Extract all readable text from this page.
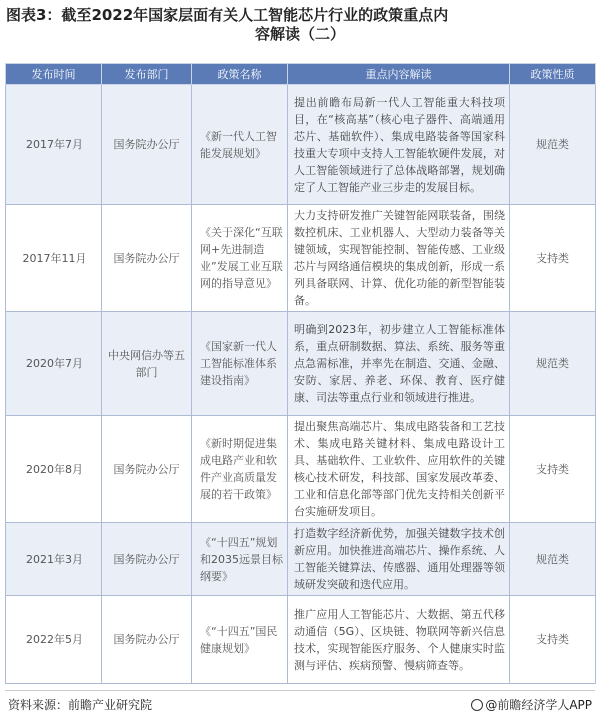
图表3：截至2022年国家层面有关人工智能芯片行业的政策重点内
容解读（二）
发布时间	发布部门	政策名称	重点内容解读	政策性质
2017年7月	国务院办公厅	《新一代人工智能发展规划》	提出前瞻布局新一代人工智能重大科技项目，在“核高基”（核心电子器件、高端通用芯片、基础软件）、集成电路装备等国家科技重大专项中支持人工智能软硬件发展，对人工智能领域进行了总体战略部署，规划确定了人工智能产业三步走的发展目标。	规范类
2017年11月	国务院办公厅	《关于深化“互联网+先进制造业”发展工业互联网的指导意见》	大力支持研发推广关键智能网联装备，围绕数控机床、工业机器人、大型动力装备等关键领域，实现智能控制、智能传感、工业级芯片与网络通信模块的集成创新，形成一系列具备联网、计算、优化功能的新型智能装备。	支持类
2020年7月	中央网信办等五部门	《国家新一代人工智能标准体系建设指南》	明确到2023年，初步建立人工智能标准体系，重点研制数据、算法、系统、服务等重点急需标准，并率先在制造、交通、金融、安防、家居、养老、环保、教育、医疗健康、司法等重点行业和领域进行推进。	规范类
2020年8月	国务院办公厅	《新时期促进集成电路产业和软件产业高质量发展的若干政策》	提出聚焦高端芯片、集成电路装备和工艺技术、集成电路关键材料、集成电路设计工具、基础软件、工业软件、应用软件的关键核心技术研发，科技部、国家发展改革委、工业和信息化部等部门优先支持相关创新平台实施研发项目。	支持类
2021年3月	国务院办公厅	《“十四五”规划和2035远景目标纲要》	打造数字经济新优势，加强关键数字技术创新应用。加快推进高端芯片、操作系统、人工智能关键算法、传感器、通用处理器等领域研发突破和迭代应用。	规范类
2022年5月	国务院办公厅	《“十四五”国民健康规划》	推广应用人工智能芯片、大数据、第五代移动通信（5G）、区块链、物联网等新兴信息技术，实现智能医疗服务、个人健康实时监测与评估、疾病预警、慢病筛查等。	支持类
资料来源：前瞻产业研究院	@前瞻经济学人APP
